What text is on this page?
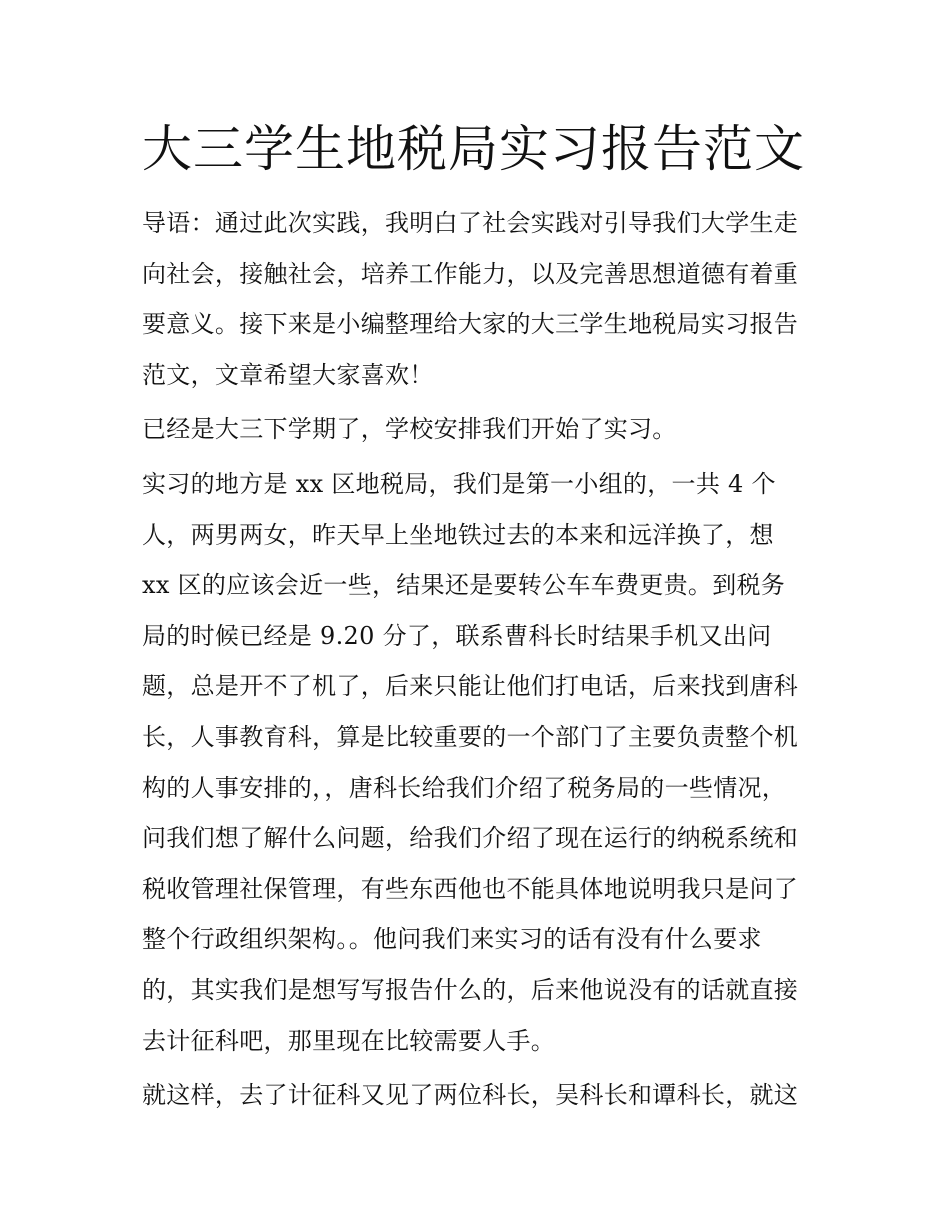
大三学生地税局实习报告范文
导语：通过此次实践，我明白了社会实践对引导我们大学生走
向社会，接触社会，培养工作能力，以及完善思想道德有着重
要意义。接下来是小编整理给大家的大三学生地税局实习报告
范文，文章希望大家喜欢！
已经是大三下学期了，学校安排我们开始了实习。
实习的地方是 xx 区地税局，我们是第一小组的，一共 4 个
人，两男两女，昨天早上坐地铁过去的本来和远洋换了，想
xx 区的应该会近一些，结果还是要转公车车费更贵。到税务
局的时候已经是 9.20 分了，联系曹科长时结果手机又出问
题，总是开不了机了，后来只能让他们打电话，后来找到唐科
长，人事教育科，算是比较重要的一个部门了主要负责整个机
构的人事安排的，，唐科长给我们介绍了税务局的一些情况，
问我们想了解什么问题，给我们介绍了现在运行的纳税系统和
税收管理社保管理，有些东西他也不能具体地说明我只是问了
整个行政组织架构。。他问我们来实习的话有没有什么要求
的，其实我们是想写写报告什么的，后来他说没有的话就直接
去计征科吧，那里现在比较需要人手。
就这样，去了计征科又见了两位科长，吴科长和谭科长，就这
